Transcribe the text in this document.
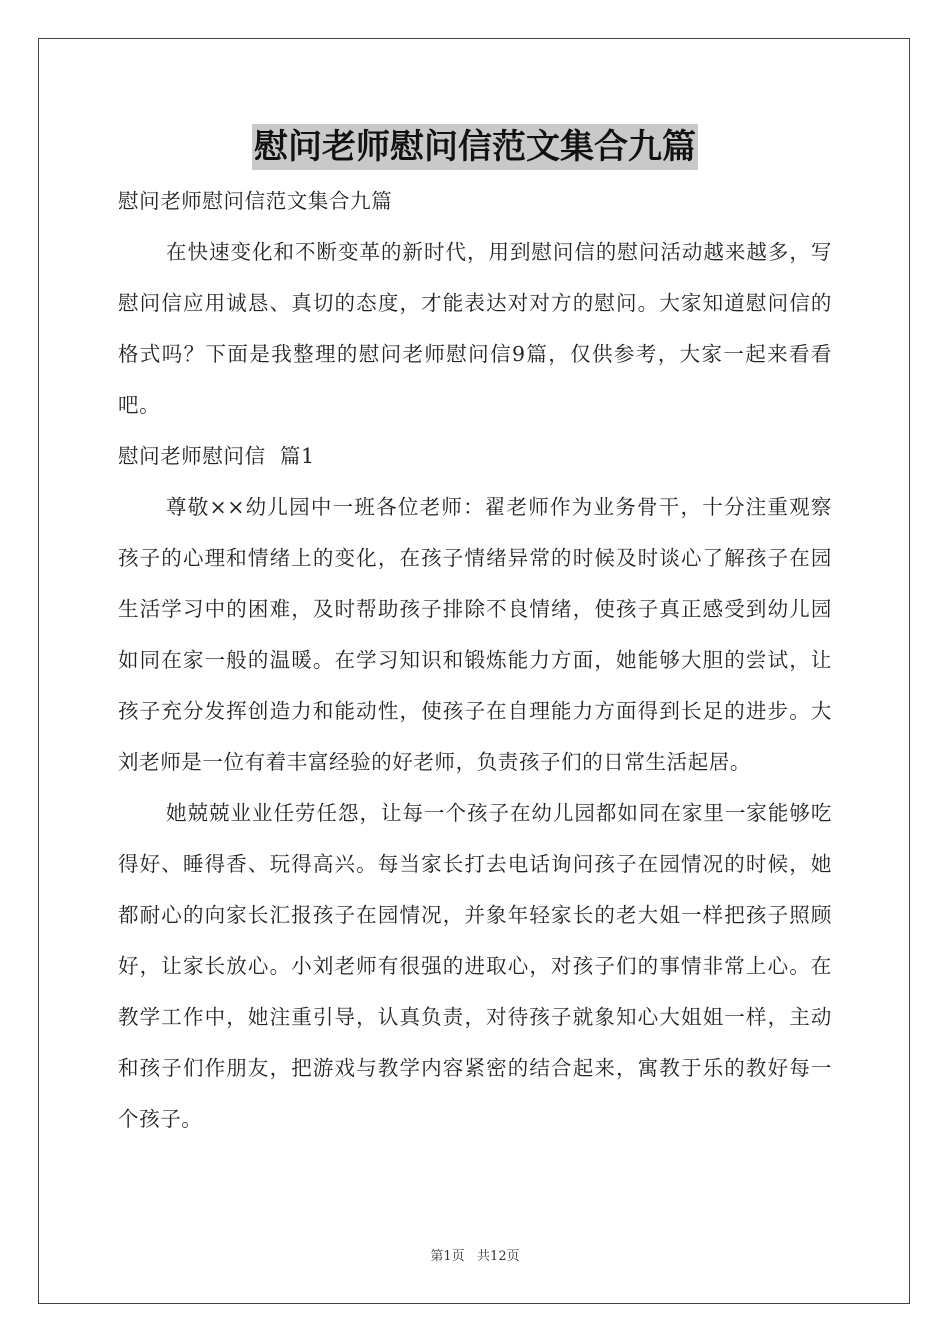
慰问老师慰问信范文集合九篇

慰问老师慰问信范文集合九篇

在快速变化和不断变革的新时代，用到慰问信的慰问活动越来越多，写慰问信应用诚恳、真切的态度，才能表达对对方的慰问。大家知道慰问信的格式吗？下面是我整理的慰问老师慰问信9篇，仅供参考，大家一起来看看吧。

慰问老师慰问信  篇1

尊敬××幼儿园中一班各位老师：翟老师作为业务骨干，十分注重观察孩子的心理和情绪上的变化，在孩子情绪异常的时候及时谈心了解孩子在园生活学习中的困难，及时帮助孩子排除不良情绪，使孩子真正感受到幼儿园如同在家一般的温暖。在学习知识和锻炼能力方面，她能够大胆的尝试，让孩子充分发挥创造力和能动性，使孩子在自理能力方面得到长足的进步。大刘老师是一位有着丰富经验的好老师，负责孩子们的日常生活起居。

她兢兢业业任劳任怨，让每一个孩子在幼儿园都如同在家里一家能够吃得好、睡得香、玩得高兴。每当家长打去电话询问孩子在园情况的时候，她都耐心的向家长汇报孩子在园情况，并象年轻家长的老大姐一样把孩子照顾好，让家长放心。小刘老师有很强的进取心，对孩子们的事情非常上心。在教学工作中，她注重引导，认真负责，对待孩子就象知心大姐姐一样，主动和孩子们作朋友，把游戏与教学内容紧密的结合起来，寓教于乐的教好每一个孩子。

第1页   共12页
